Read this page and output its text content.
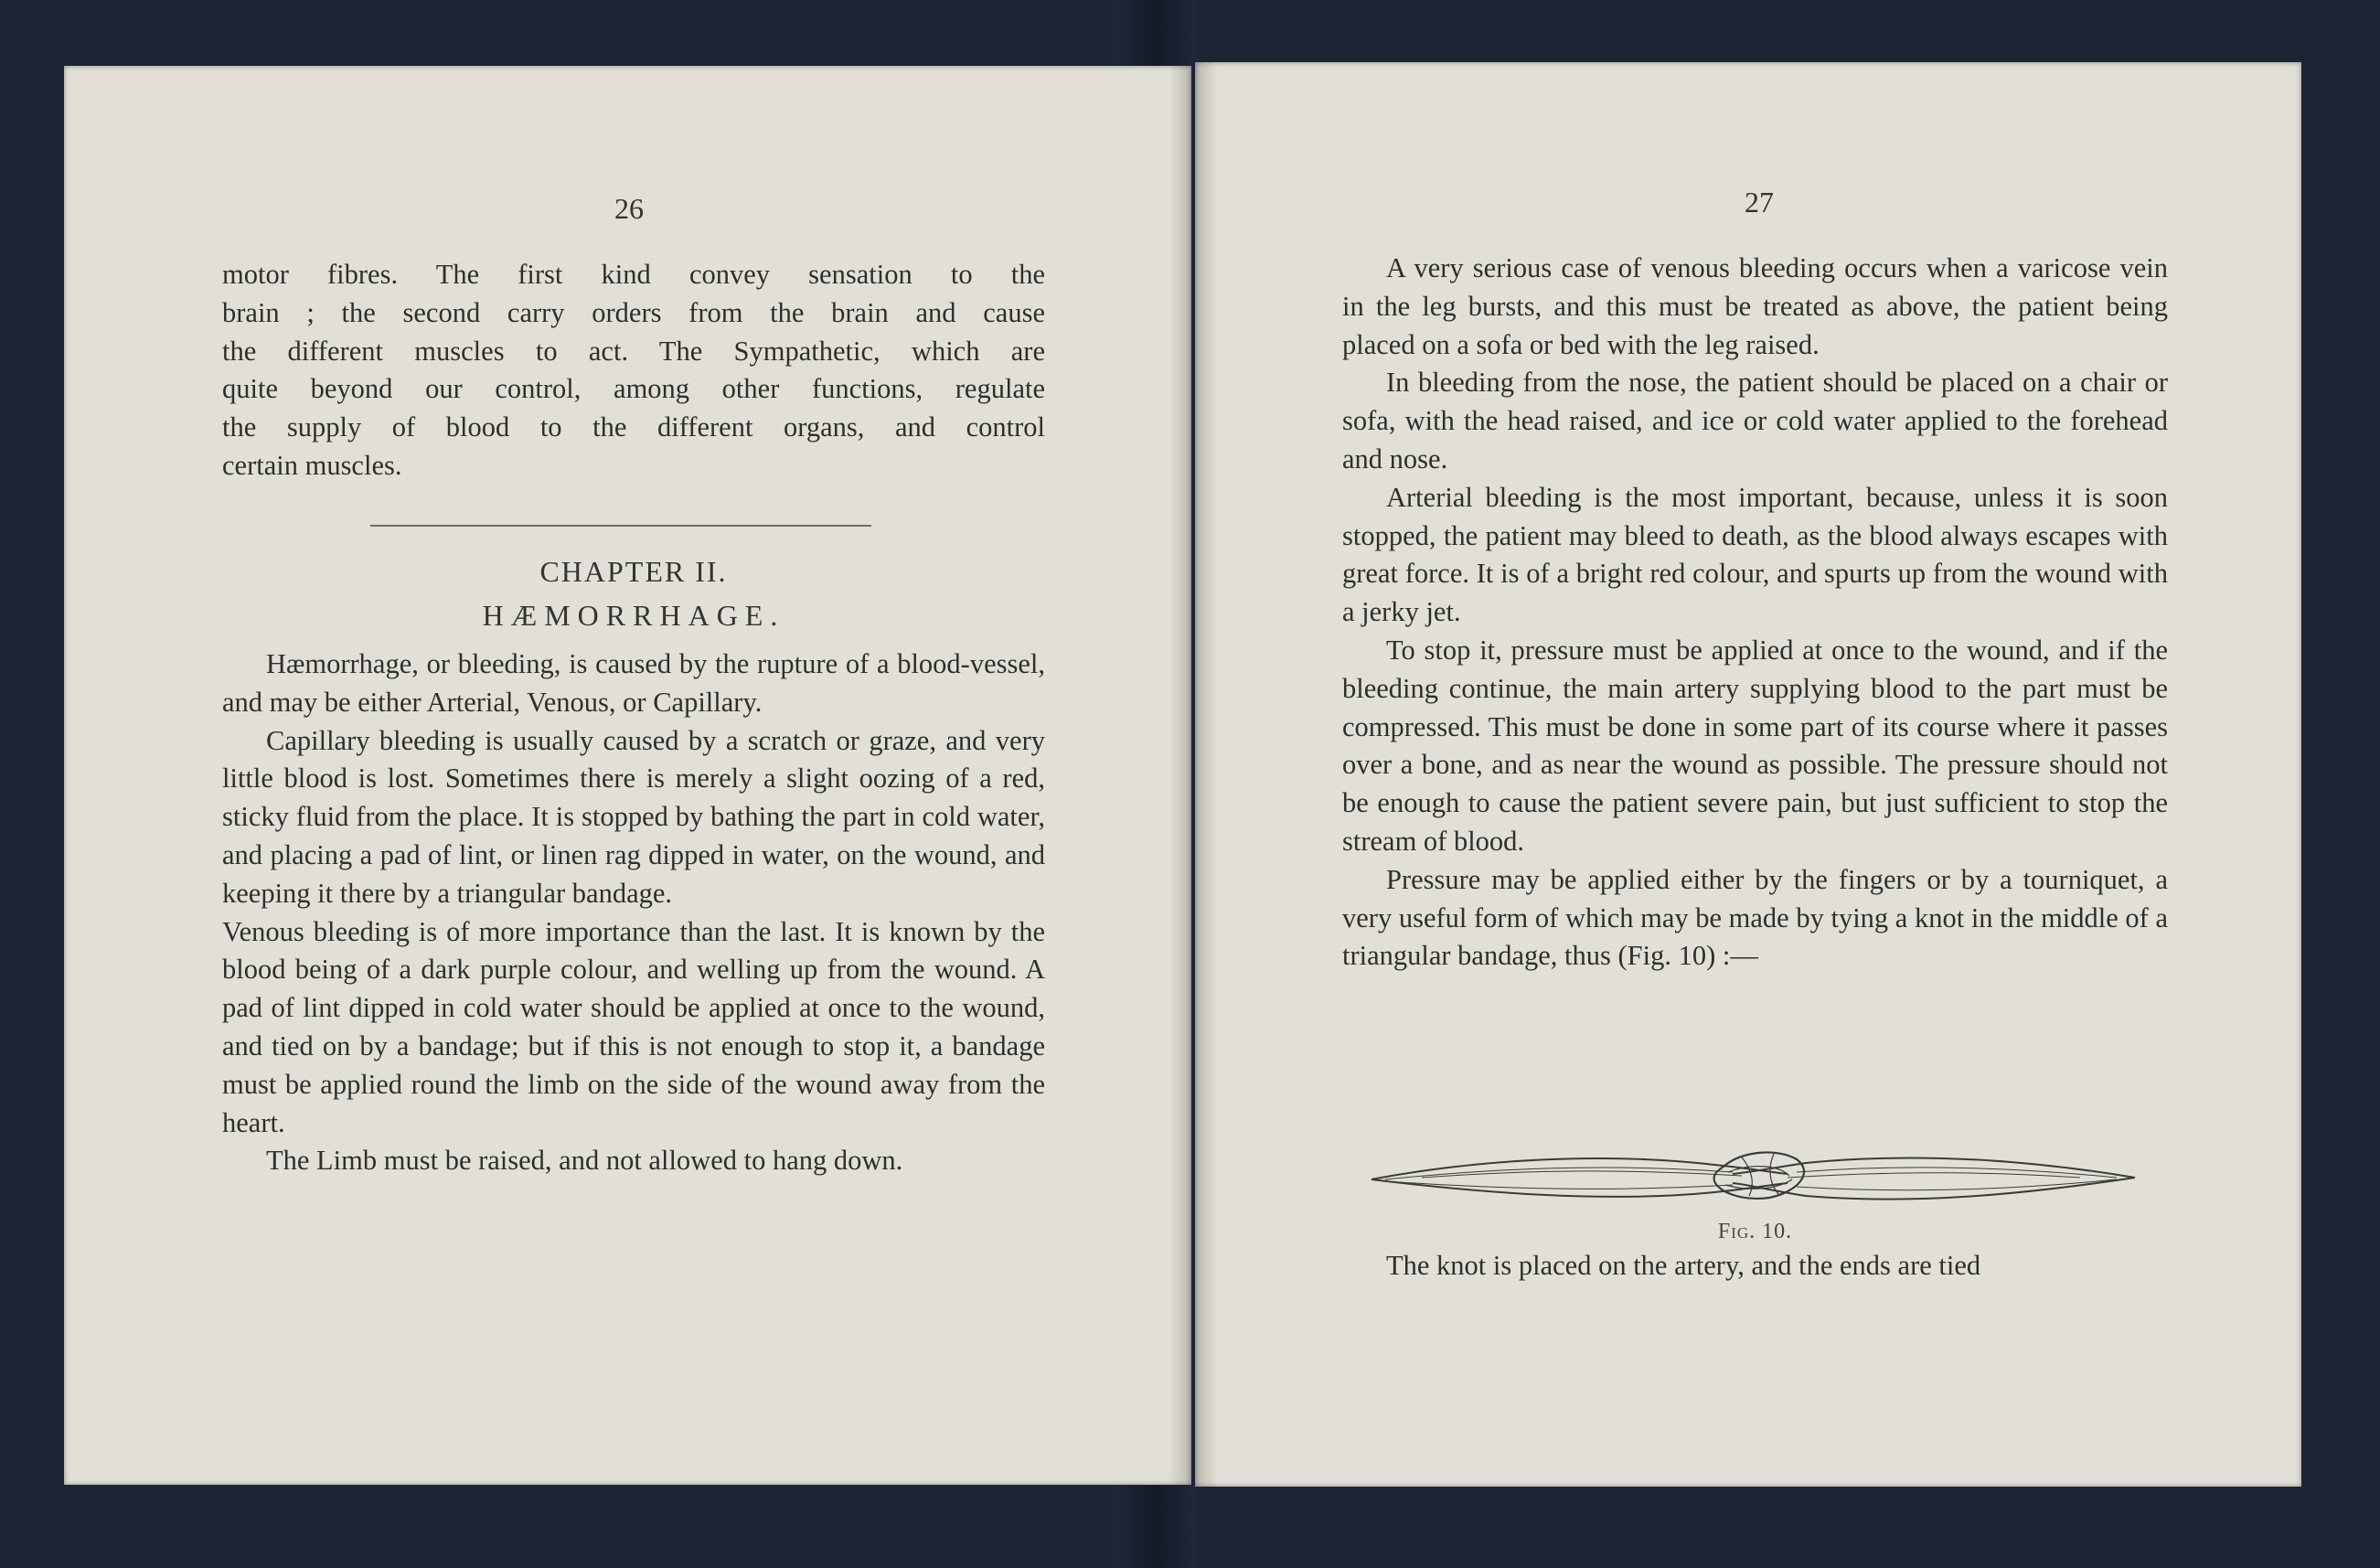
26
motor fibres. The first kind convey sensation to the
brain ; the second carry orders from the brain and cause
the different muscles to act. The Sympathetic, which are
quite beyond our control, among other functions, regulate
the supply of blood to the different organs, and control
certain muscles.
CHAPTER II.
HÆMORRHAGE.

Hæmorrhage, or bleeding, is caused by the rupture of a blood-vessel, and may be either Arterial, Venous, or Capillary.

Capillary bleeding is usually caused by a scratch or graze, and very little blood is lost. Sometimes there is merely a slight oozing of a red, sticky fluid from the place. It is stopped by bathing the part in cold water, and placing a pad of lint, or linen rag dipped in water, on the wound, and keeping it there by a triangular bandage.

Venous bleeding is of more importance than the last. It is known by the blood being of a dark purple colour, and welling up from the wound. A pad of lint dipped in cold water should be applied at once to the wound, and tied on by a bandage; but if this is not enough to stop it, a bandage must be applied round the limb on the side of the wound away from the heart.

The Limb must be raised, and not allowed to hang down.

27

A very serious case of venous bleeding occurs when a varicose vein in the leg bursts, and this must be treated as above, the patient being placed on a sofa or bed with the leg raised.

In bleeding from the nose, the patient should be placed on a chair or sofa, with the head raised, and ice or cold water applied to the forehead and nose.

Arterial bleeding is the most important, because, unless it is soon stopped, the patient may bleed to death, as the blood always escapes with great force. It is of a bright red colour, and spurts up from the wound with a jerky jet.

To stop it, pressure must be applied at once to the wound, and if the bleeding continue, the main artery supplying blood to the part must be compressed. This must be done in some part of its course where it passes over a bone, and as near the wound as possible. The pressure should not be enough to cause the patient severe pain, but just sufficient to stop the stream of blood.

Pressure may be applied either by the fingers or by a tourniquet, a very useful form of which may be made by tying a knot in the middle of a triangular bandage, thus (Fig. 10) :—

Fig. 10.

The knot is placed on the artery, and the ends are tied
